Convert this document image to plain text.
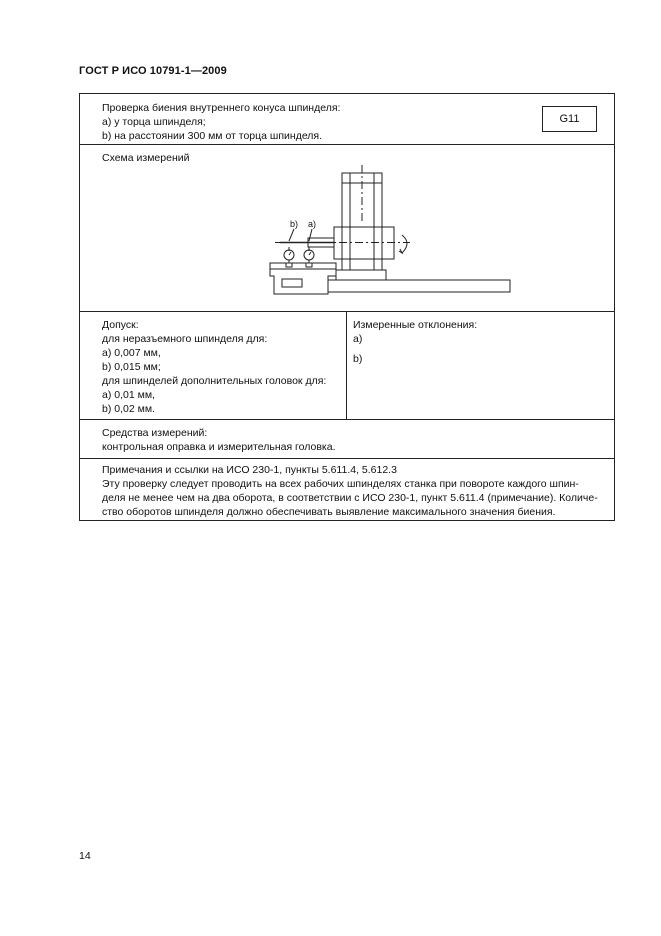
ГОСТ Р ИСО 10791-1—2009
Проверка биения внутреннего конуса шпинделя:
a) у торца шпинделя;
b) на расстоянии 300 мм от торца шпинделя.
G11
Схема измерений
b) a)
Допуск:
для неразъемного шпинделя для:
a) 0,007 мм,
b) 0,015 мм;
для шпинделей дополнительных головок для:
a) 0,01 мм,
b) 0,02 мм.
Измеренные отклонения:
a)
b)
Средства измерений:
контрольная оправка и измерительная головка.
Примечания и ссылки на ИСО 230-1, пункты 5.611.4, 5.612.3
Эту проверку следует проводить на всех рабочих шпинделях станка при повороте каждого шпин-
деля не менее чем на два оборота, в соответствии с ИСО 230-1, пункт 5.611.4 (примечание). Количе-
ство оборотов шпинделя должно обеспечивать выявление максимального значения биения.
14
